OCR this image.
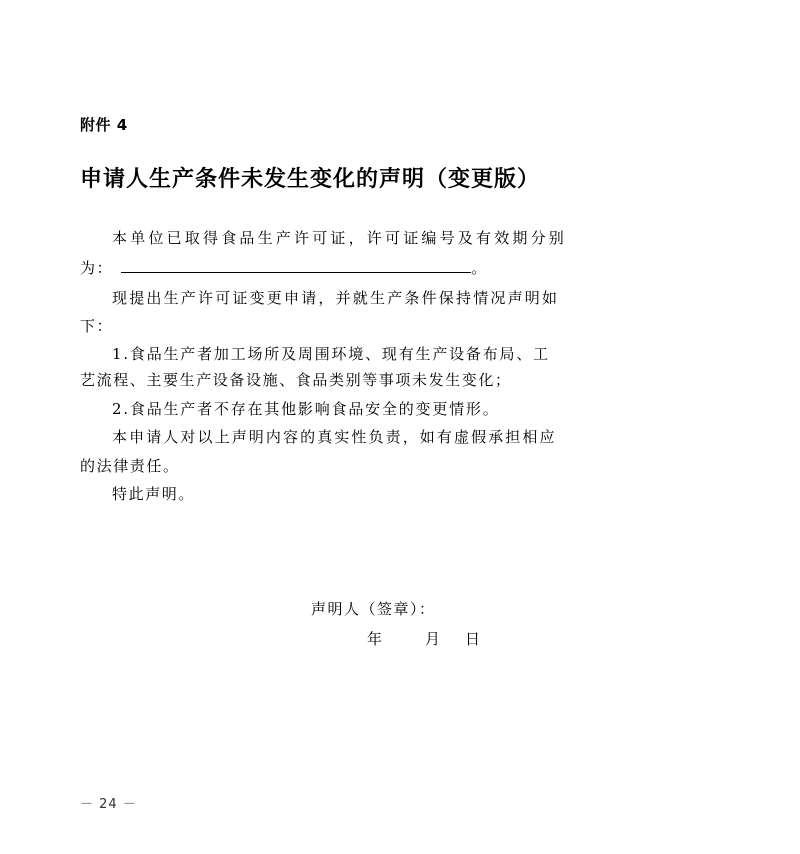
附件 4
申请人生产条件未发生变化的声明（变更版）
本单位已取得食品生产许可证，许可证编号及有效期分别
为：	。
现提出生产许可证变更申请，并就生产条件保持情况声明如
下：
1.食品生产者加工场所及周围环境、现有生产设备布局、工
艺流程、主要生产设备设施、食品类别等事项未发生变化；
2.食品生产者不存在其他影响食品安全的变更情形。
本申请人对以上声明内容的真实性负责，如有虚假承担相应
的法律责任。
特此声明。
声明人（签章）：
年	月 日
－ 24 －
